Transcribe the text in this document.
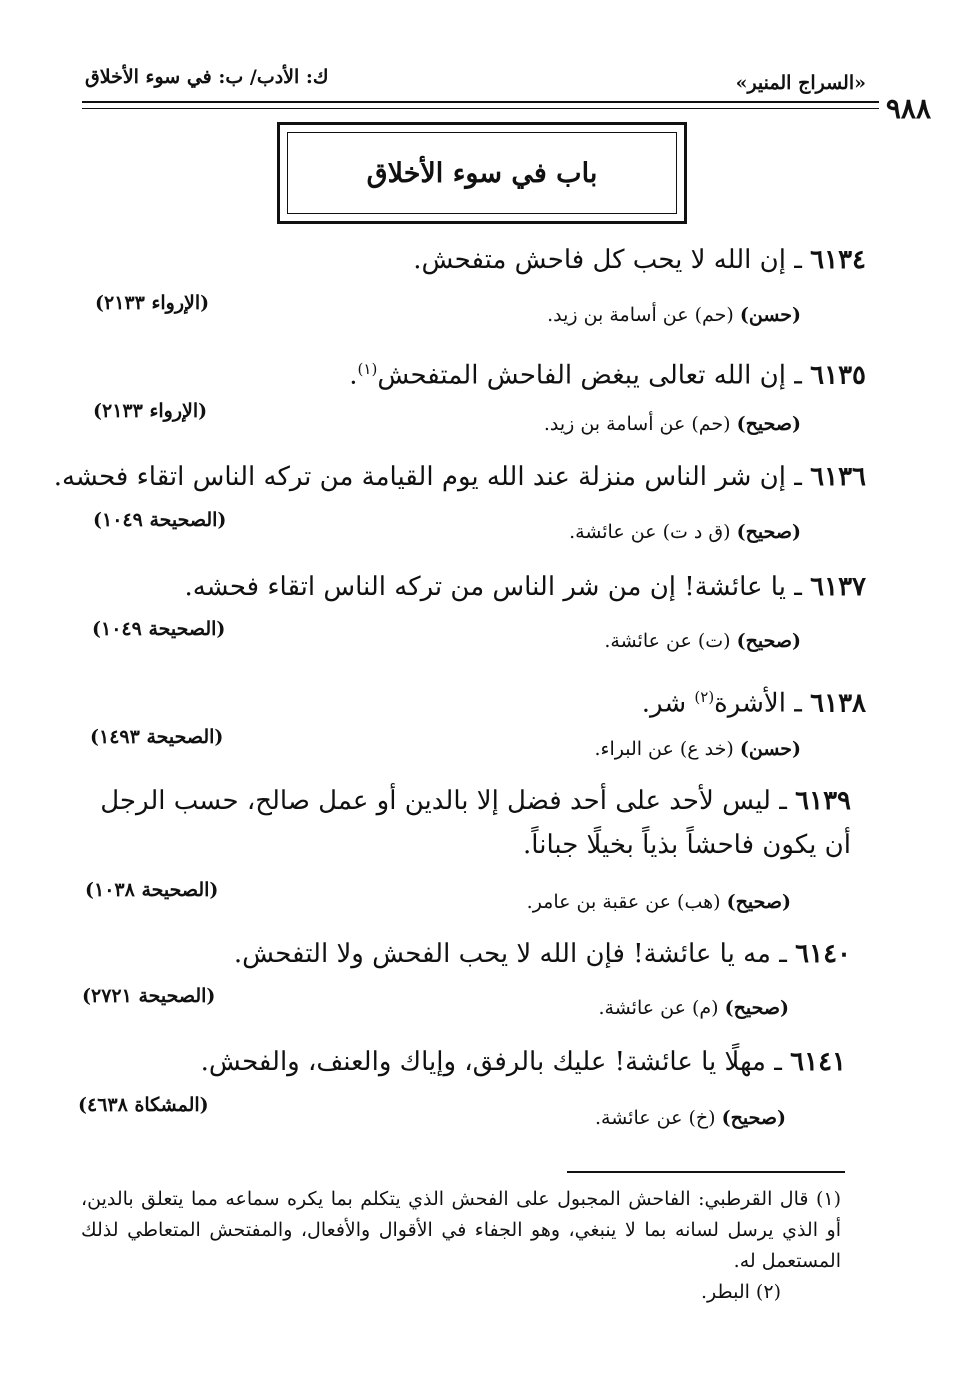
٩٨٨
«السراج المنير»
ك: الأدب/ ب: في سوء الأخلاق
باب في سوء الأخلاق
٦١٣٤ ـ إن الله لا يحب كل فاحش متفحش.
(حسن) (حم) عن أسامة بن زيد.
(الإرواء ٢١٣٣)
٦١٣٥ ـ إن الله تعالى يبغض الفاحش المتفحش$^{(١)}$.
(صحيح) (حم) عن أسامة بن زيد.
(الإرواء ٢١٣٣)
٦١٣٦ ـ إن شر الناس منزلة عند الله يوم القيامة من تركه الناس اتقاء فحشه.
(صحيح) (ق د ت) عن عائشة.
(الصحيحة ١٠٤٩)
٦١٣٧ ـ يا عائشة! إن من شر الناس من تركه الناس اتقاء فحشه.
(صحيح) (ت) عن عائشة.
(الصحيحة ١٠٤٩)
٦١٣٨ ـ الأشرة$^{(٢)}$ شر.
(حسن) (خد ع) عن البراء.
(الصحيحة ١٤٩٣)
٦١٣٩ ـ ليس لأحد على أحد فضل إلا بالدين أو عمل صالح، حسب الرجل أن يكون فاحشاً بذياً بخيلًا جباناً.
(صحيح) (هب) عن عقبة بن عامر.
(الصحيحة ١٠٣٨)
٦١٤٠ ـ مه يا عائشة! فإن الله لا يحب الفحش ولا التفحش.
(صحيح) (م) عن عائشة.
(الصحيحة ٢٧٢١)
٦١٤١ ـ مهلًا يا عائشة! عليك بالرفق، وإياك والعنف، والفحش.
(صحيح) (خ) عن عائشة.
(المشكاة ٤٦٣٨)
(١) قال القرطبي: الفاحش المجبول على الفحش الذي يتكلم بما يكره سماعه مما يتعلق بالدين، أو الذي يرسل لسانه بما لا ينبغي، وهو الجفاء في الأقوال والأفعال، والمفتحش المتعاطي لذلك المستعمل له.
(٢) البطر.
